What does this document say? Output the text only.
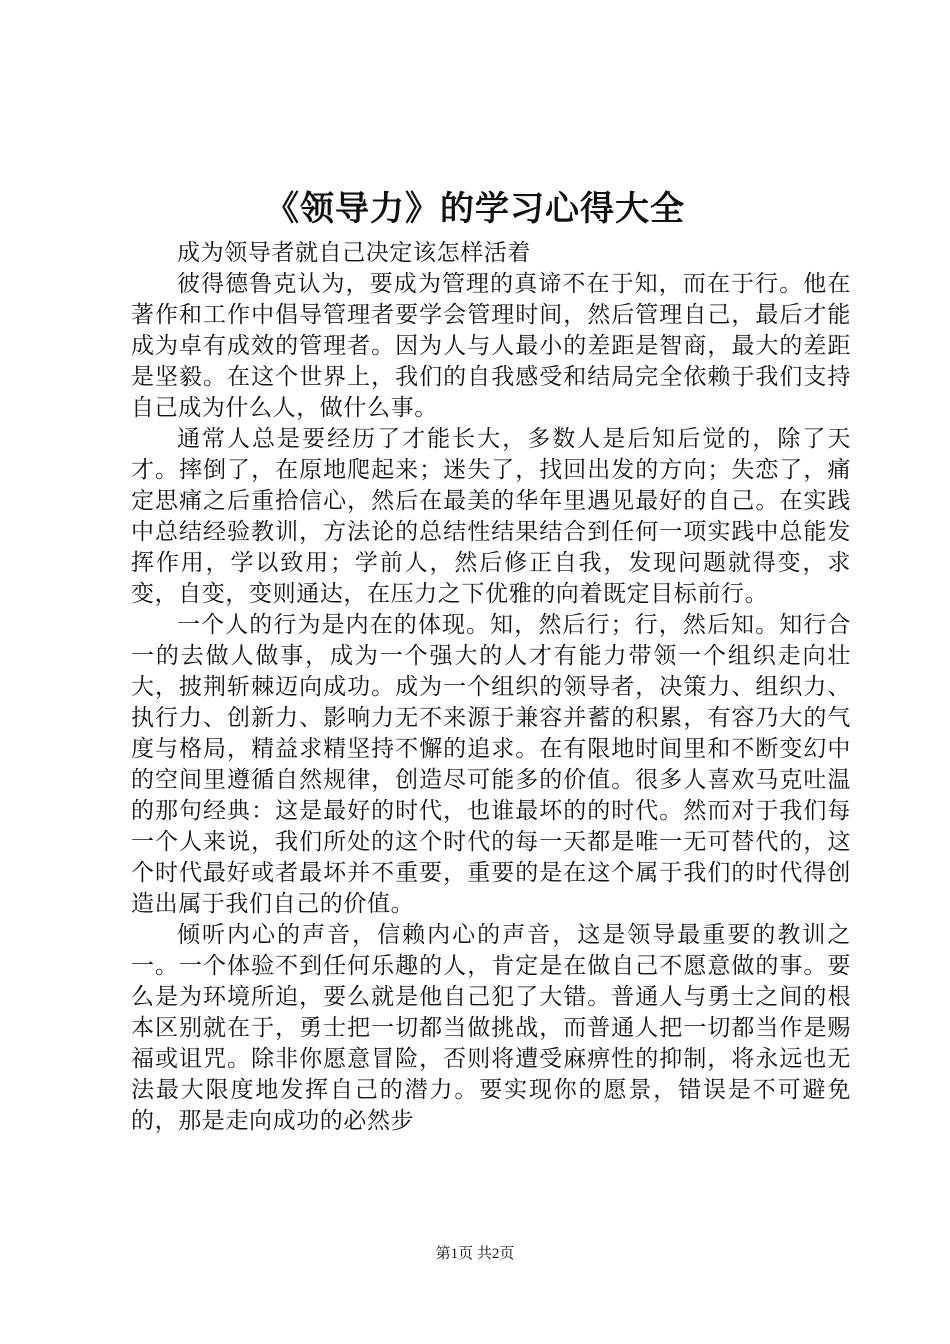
《领导力》的学习心得大全

成为领导者就自己决定该怎样活着

彼得德鲁克认为，要成为管理的真谛不在于知，而在于行。他在著作和工作中倡导管理者要学会管理时间，然后管理自己，最后才能成为卓有成效的管理者。因为人与人最小的差距是智商，最大的差距是坚毅。在这个世界上，我们的自我感受和结局完全依赖于我们支持自己成为什么人，做什么事。

通常人总是要经历了才能长大，多数人是后知后觉的，除了天才。摔倒了，在原地爬起来；迷失了，找回出发的方向；失恋了，痛定思痛之后重拾信心，然后在最美的华年里遇见最好的自己。在实践中总结经验教训，方法论的总结性结果结合到任何一项实践中总能发挥作用，学以致用；学前人，然后修正自我，发现问题就得变，求变，自变，变则通达，在压力之下优雅的向着既定目标前行。

一个人的行为是内在的体现。知，然后行；行，然后知。知行合一的去做人做事，成为一个强大的人才有能力带领一个组织走向壮大，披荆斩棘迈向成功。成为一个组织的领导者，决策力、组织力、执行力、创新力、影响力无不来源于兼容并蓄的积累，有容乃大的气度与格局，精益求精坚持不懈的追求。在有限地时间里和不断变幻中的空间里遵循自然规律，创造尽可能多的价值。很多人喜欢马克吐温的那句经典：这是最好的时代，也谁最坏的的时代。然而对于我们每一个人来说，我们所处的这个时代的每一天都是唯一无可替代的，这个时代最好或者最坏并不重要，重要的是在这个属于我们的时代得创造出属于我们自己的价值。

倾听内心的声音，信赖内心的声音，这是领导最重要的教训之一。一个体验不到任何乐趣的人，肯定是在做自己不愿意做的事。要么是为环境所迫，要么就是他自己犯了大错。普通人与勇士之间的根本区别就在于，勇士把一切都当做挑战，而普通人把一切都当作是赐福或诅咒。除非你愿意冒险，否则将遭受麻痹性的抑制，将永远也无法最大限度地发挥自己的潜力。要实现你的愿景，错误是不可避免的，那是走向成功的必然步

第1页 共2页
